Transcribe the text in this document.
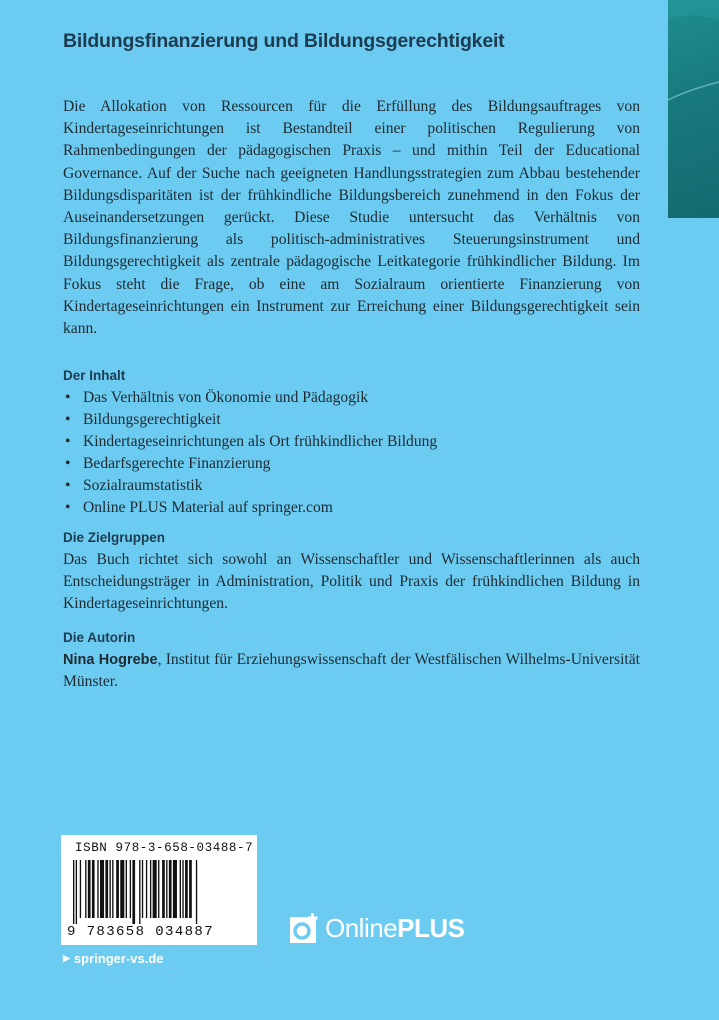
Bildungsfinanzierung und Bildungsgerechtigkeit
Die Allokation von Ressourcen für die Erfüllung des Bildungsauftrages von Kindertageseinrichtungen ist Bestandteil einer politischen Regulierung von Rahmenbedingungen der pädagogischen Praxis – und mithin Teil der Educational Governance. Auf der Suche nach geeigneten Handlungsstrategien zum Abbau bestehender Bildungsdisparitäten ist der frühkindliche Bildungsbereich zunehmend in den Fokus der Auseinandersetzungen gerückt. Diese Studie untersucht das Verhältnis von Bildungsfinanzierung als politisch-administratives Steuerungsinstrument und Bildungsgerechtigkeit als zentrale pädagogische Leitkategorie frühkindlicher Bildung. Im Fokus steht die Frage, ob eine am Sozialraum orientierte Finanzierung von Kindertageseinrichtungen ein Instrument zur Erreichung einer Bildungsgerechtigkeit sein kann.
Der Inhalt
• Das Verhältnis von Ökonomie und Pädagogik
• Bildungsgerechtigkeit
• Kindertageseinrichtungen als Ort frühkindlicher Bildung
• Bedarfsgerechte Finanzierung
• Sozialraumstatistik
• Online PLUS Material auf springer.com
Die Zielgruppen
Das Buch richtet sich sowohl an Wissenschaftler und Wissenschaftlerinnen als auch Entscheidungsträger in Administration, Politik und Praxis der frühkindlichen Bildung in Kindertageseinrichtungen.
Die Autorin
Nina Hogrebe, Institut für Erziehungswissenschaft der Westfälischen Wilhelms-Universität Münster.
ISBN 978-3-658-03488-7
9 783658 034887	OnlinePLUS
▶ springer-vs.de
